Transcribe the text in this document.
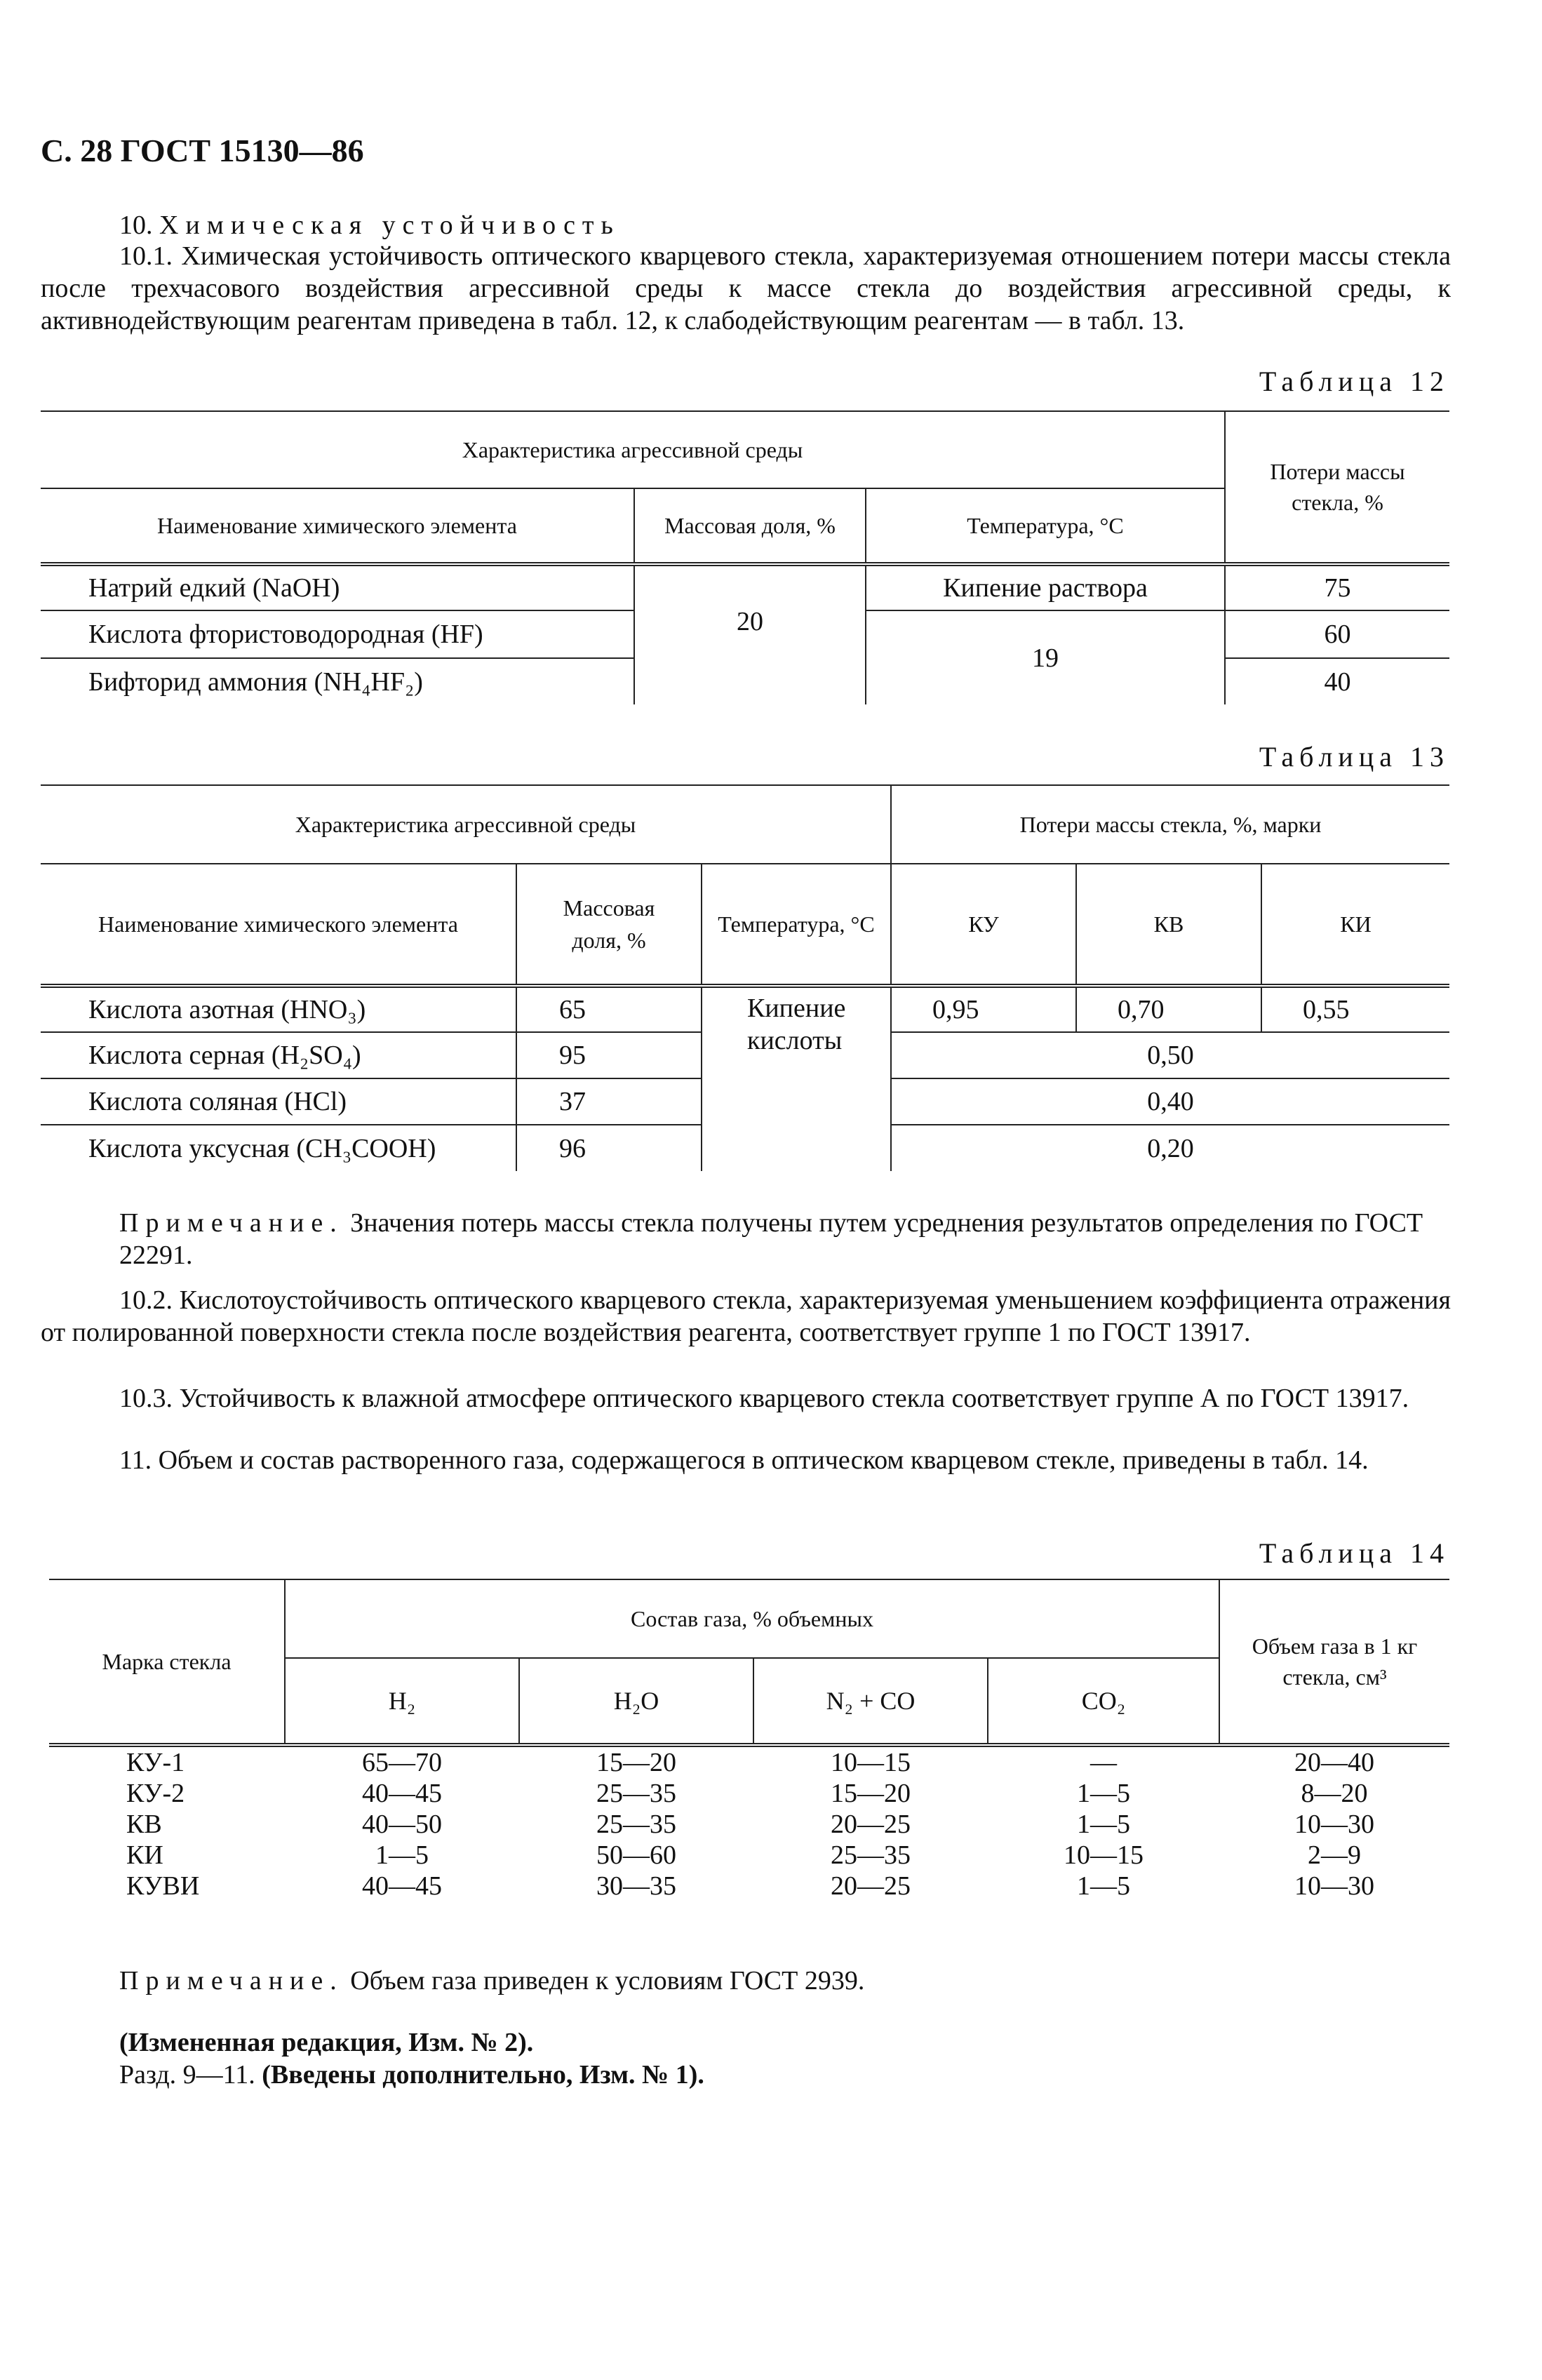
С. 28 ГОСТ 15130—86
10. Химическая устойчивость
10.1. Химическая устойчивость оптического кварцевого стекла, характеризуемая отношением потери массы стекла после трехчасового воздействия агрессивной среды к массе стекла до воздействия агрессивной среды, к активнодействующим реагентам приведена в табл. 12, к слабодействующим реагентам — в табл. 13.
Таблица 12
Характеристика агрессивной среды			Потери массы стекла, %
Наименование химического элемента	Массовая доля, %	Температура, °С	
Натрий едкий (NaOH)	20	Кипение раствора	75
Кислота фтористоводородная (HF)		19	60
Бифторид аммония (NH₄HF₂)			40
Таблица 13
Характеристика агрессивной среды			Потери массы стекла, %, марки		
Наименование химического элемента	Массовая доля, %	Температура, °С	КУ	КВ	КИ
Кислота азотная (HNO₃)	65	Кипение кислоты	0,95	0,70	0,55
Кислота серная (H₂SO₄)	95		0,50		
Кислота соляная (HCl)	37		0,40		
Кислота уксусная (CH₃COOH)	96		0,20		
Примечание. Значения потерь массы стекла получены путем усреднения результатов определения по ГОСТ 22291.
10.2. Кислотоустойчивость оптического кварцевого стекла, характеризуемая уменьшением коэффициента отражения от полированной поверхности стекла после воздействия реагента, соответствует группе 1 по ГОСТ 13917.
10.3. Устойчивость к влажной атмосфере оптического кварцевого стекла соответствует группе А по ГОСТ 13917.
11. Объем и состав растворенного газа, содержащегося в оптическом кварцевом стекле, приведены в табл. 14.
Таблица 14
Марка стекла	Состав газа, % объемных				Объем газа в 1 кг стекла, см³
	H₂	H₂O	N₂ + CO	CO₂	
КУ-1	65—70	15—20	10—15	—	20—40
КУ-2	40—45	25—35	15—20	1—5	8—20
КВ	40—50	25—35	20—25	1—5	10—30
КИ	1—5	50—60	25—35	10—15	2—9
КУВИ	40—45	30—35	20—25	1—5	10—30
Примечание. Объем газа приведен к условиям ГОСТ 2939.
(Измененная редакция, Изм. № 2).
Разд. 9—11. (Введены дополнительно, Изм. № 1).
